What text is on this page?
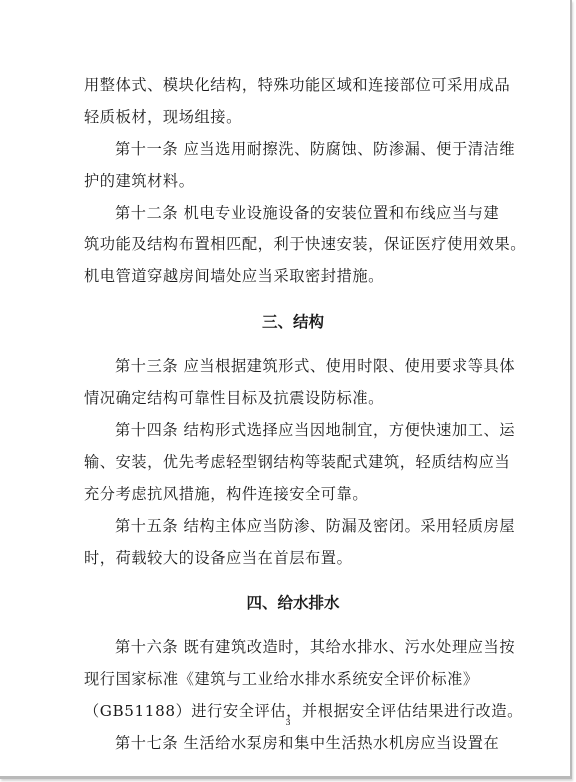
用整体式、模块化结构，特殊功能区域和连接部位可采用成品
轻质板材，现场组接。
第十一条 应当选用耐擦洗、防腐蚀、防渗漏、便于清洁维
护的建筑材料。
第十二条 机电专业设施设备的安装位置和布线应当与建
筑功能及结构布置相匹配，利于快速安装，保证医疗使用效果。
机电管道穿越房间墙处应当采取密封措施。
三、结构
第十三条 应当根据建筑形式、使用时限、使用要求等具体
情况确定结构可靠性目标及抗震设防标准。
第十四条 结构形式选择应当因地制宜，方便快速加工、运
输、安装，优先考虑轻型钢结构等装配式建筑，轻质结构应当
充分考虑抗风措施，构件连接安全可靠。
第十五条 结构主体应当防渗、防漏及密闭。采用轻质房屋
时，荷载较大的设备应当在首层布置。
四、给水排水
第十六条 既有建筑改造时，其给水排水、污水处理应当按
现行国家标准《建筑与工业给水排水系统安全评价标准》
（GB51188）进行安全评估，并根据安全评估结果进行改造。
第十七条 生活给水泵房和集中生活热水机房应当设置在
3
